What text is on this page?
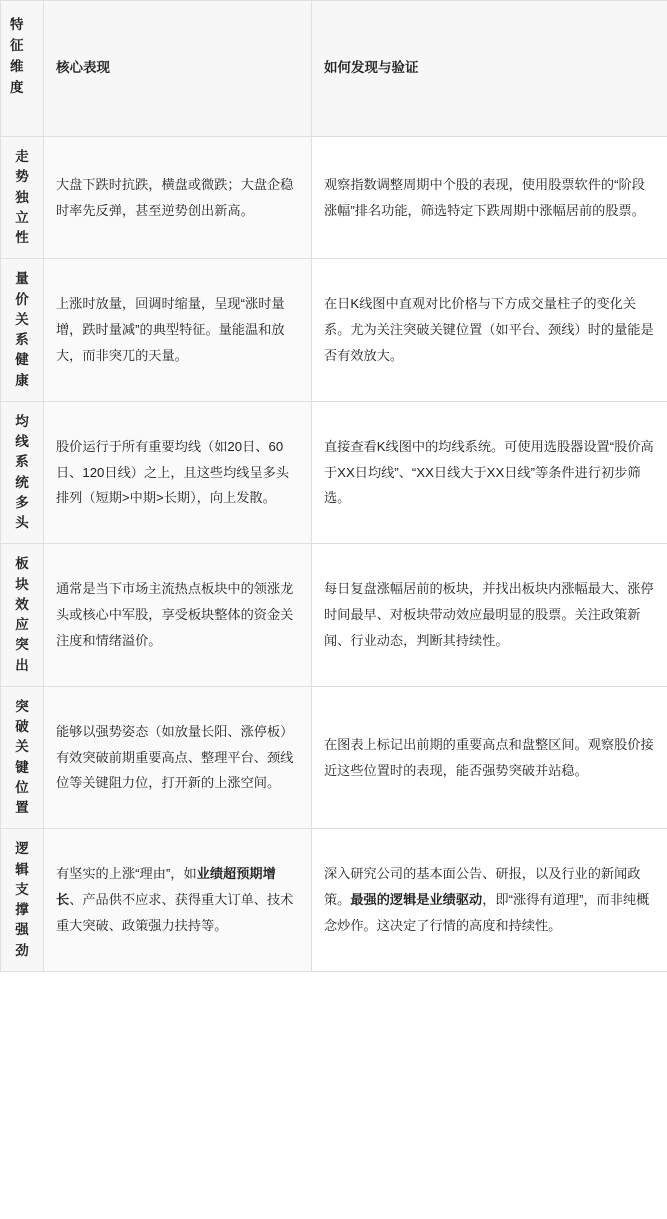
特征维度	核心表现	如何发现与验证
走势独立性	大盘下跌时抗跌，横盘或微跌；大盘企稳时率先反弹，甚至逆势创出新高。	观察指数调整周期中个股的表现，使用股票软件的“阶段涨幅”排名功能，筛选特定下跌周期中涨幅居前的股票。
量价关系健康	上涨时放量，回调时缩量，呈现“涨时量增，跌时量减”的典型特征。量能温和放大，而非突兀的天量。	在日K线图中直观对比价格与下方成交量柱子的变化关系。尤为关注突破关键位置（如平台、颈线）时的量能是否有效放大。
均线系统多头	股价运行于所有重要均线（如20日、60日、120日线）之上，且这些均线呈多头排列（短期>中期>长期），向上发散。	直接查看K线图中的均线系统。可使用选股器设置“股价高于XX日均线”、“XX日线大于XX日线”等条件进行初步筛选。
板块效应突出	通常是当下市场主流热点板块中的领涨龙头或核心中军股，享受板块整体的资金关注度和情绪溢价。	每日复盘涨幅居前的板块，并找出板块内涨幅最大、涨停时间最早、对板块带动效应最明显的股票。关注政策新闻、行业动态，判断其持续性。
突破关键位置	能够以强势姿态（如放量长阳、涨停板）有效突破前期重要高点、整理平台、颈线位等关键阻力位，打开新的上涨空间。	在图表上标记出前期的重要高点和盘整区间。观察股价接近这些位置时的表现，能否强势突破并站稳。
逻辑支撑强劲	有坚实的上涨“理由”，如业绩超预期增长、产品供不应求、获得重大订单、技术重大突破、政策强力扶持等。	深入研究公司的基本面公告、研报，以及行业的新闻政策。最强的逻辑是业绩驱动，即“涨得有道理”，而非纯概念炒作。这决定了行情的高度和持续性。
